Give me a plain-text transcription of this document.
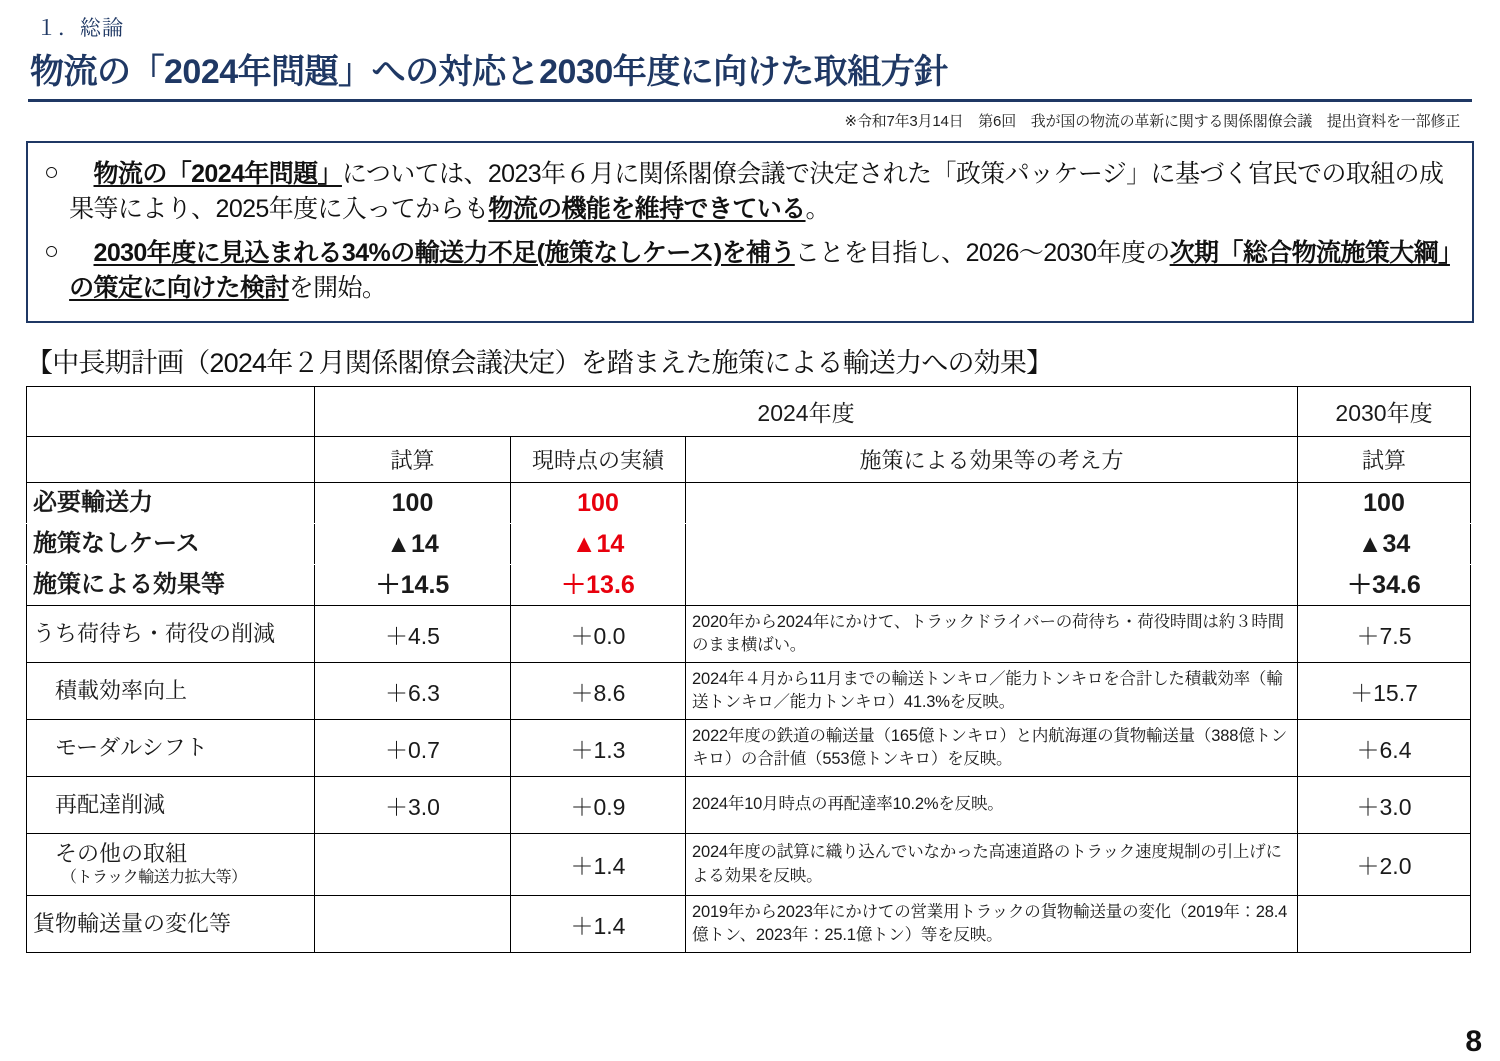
１．総論
物流の「2024年問題」への対応と2030年度に向けた取組方針
※令和7年3月14日　第6回　我が国の物流の革新に関する関係閣僚会議　提出資料を一部修正
○
　	物流の「2024年問題」については、2023年６月に関係閣僚会議で決定された「政策パッケージ」に基づく官民での取組の成果等により、2025年度に入ってからも物流の機能を維持できている。
○
　	2030年度に見込まれる34%の輸送力不足(施策なしケース)を補うことを目指し、2026～2030年度の次期「総合物流施策大綱」の策定に向けた検討を開始。
【中長期計画（2024年２月関係閣僚会議決定）を踏まえた施策による輸送力への効果】
	2024年度			2030年度
	試算	現時点の実績	施策による効果等の考え方	試算
必要輸送力	100	100		100
施策なしケース	▲14	▲14		▲34
施策による効果等	＋14.5	＋13.6		＋34.6
うち荷待ち・荷役の削減	＋4.5	＋0.0	2020年から2024年にかけて、トラックドライバーの荷待ち・荷役時間は約３時間のまま横ばい。	＋7.5
積載効率向上	＋6.3	＋8.6	2024年４月から11月までの輸送トンキロ／能力トンキロを合計した積載効率（輸送トンキロ／能力トンキロ）41.3%を反映。	＋15.7
モーダルシフト	＋0.7	＋1.3	2022年度の鉄道の輸送量（165億トンキロ）と内航海運の貨物輸送量（388億トンキロ）の合計値（553億トンキロ）を反映。	＋6.4
再配達削減	＋3.0	＋0.9	2024年10月時点の再配達率10.2%を反映。	＋3.0
その他の取組
（トラック輸送力拡大等）		＋1.4	2024年度の試算に織り込んでいなかった高速道路のトラック速度規制の引上げによる効果を反映。	＋2.0
貨物輸送量の変化等		＋1.4	2019年から2023年にかけての営業用トラックの貨物輸送量の変化（2019年：28.4億トン、2023年：25.1億トン）等を反映。	
8
